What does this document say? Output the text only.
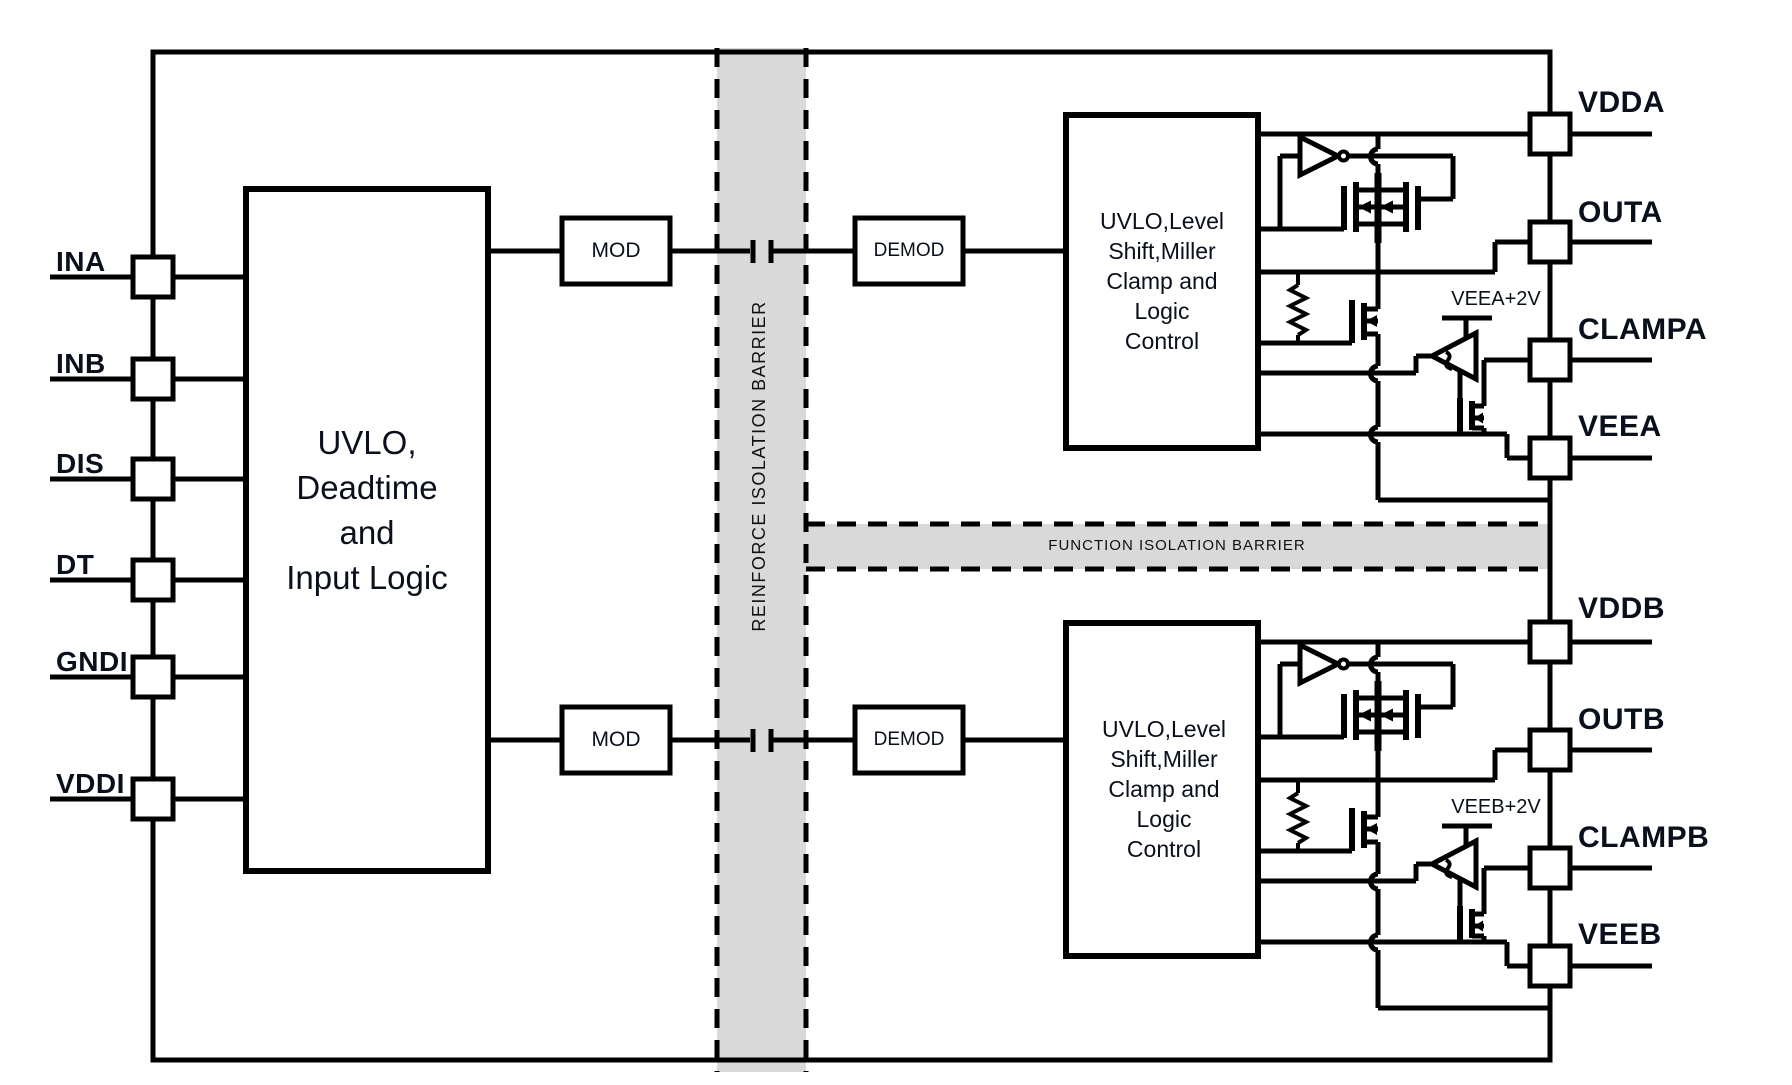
INA
INB
DIS
DT
GNDI
VDDI
VDDA
OUTA
CLAMPA
VEEA
VDDB
OUTB
CLAMPB
VEEB
UVLO,
Deadtime
and
Input Logic
UVLO,Level
Shift,Miller
Clamp and
Logic
Control
UVLO,Level
Shift,Miller
Clamp and
Logic
Control
MOD	DEMOD
MOD	DEMOD
REINFORCE ISOLATION BARRIER	FUNCTION ISOLATION BARRIER
VEEA+2V
VEEB+2V
